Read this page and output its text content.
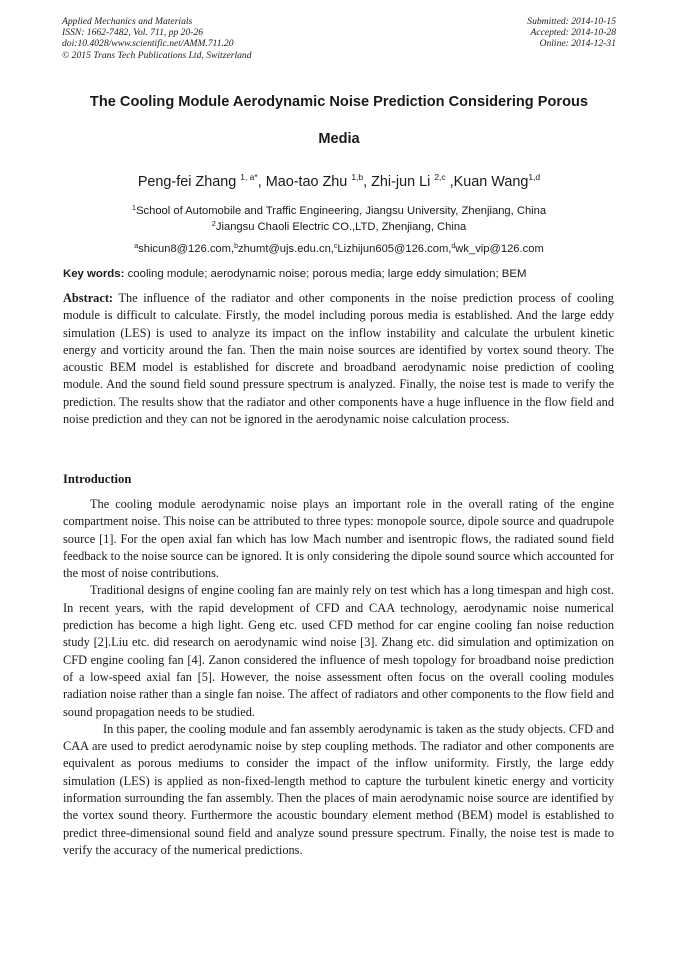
Applied Mechanics and Materials
ISSN: 1662-7482, Vol. 711, pp 20-26
doi:10.4028/www.scientific.net/AMM.711.20
© 2015 Trans Tech Publications Ltd, Switzerland
Submitted: 2014-10-15
Accepted: 2014-10-28
Online: 2014-12-31
The Cooling Module Aerodynamic Noise Prediction Considering Porous
Media
Peng-fei Zhang $^{1, a*}$, Mao-tao Zhu $^{1,b}$, Zhi-jun Li $^{2,c}$ ,Kuan Wang$^{1,d}$
$^1$School of Automobile and Traffic Engineering, Jiangsu University, Zhenjiang, China
$^2$Jiangsu Chaoli Electric CO.,LTD, Zhenjiang, China
$^a$shicun8@126.com,$^b$zhumt@ujs.edu.cn,$^c$Lizhijun605@126.com,$^d$wk_vip@126.com
Key words: cooling module; aerodynamic noise; porous media; large eddy simulation; BEM
Abstract: The influence of the radiator and other components in the noise prediction process of cooling module is difficult to calculate. Firstly, the model including porous media is established. And the large eddy simulation (LES) is used to analyze its impact on the inflow instability and calculate the urbulent kinetic energy and vorticity around the fan. Then the main noise sources are identified by vortex sound theory. The acoustic BEM model is established for discrete and broadband aerodynamic noise prediction of cooling module. And the sound field sound pressure spectrum is analyzed. Finally, the noise test is made to verify the prediction. The results show that the radiator and other components have a huge influence in the flow field and noise prediction and they can not be ignored in the aerodynamic noise calculation process.
Introduction

The cooling module aerodynamic noise plays an important role in the overall rating of the engine compartment noise. This noise can be attributed to three types: monopole source, dipole source and quadrupole source [1]. For the open axial fan which has low Mach number and isentropic flows, the radiated sound field feedback to the noise source can be ignored. It is only considering the dipole sound source which accounted for the most of noise contributions.

Traditional designs of engine cooling fan are mainly rely on test which has a long timespan and high cost. In recent years, with the rapid development of CFD and CAA technology, aerodynamic noise numerical prediction has become a high light. Geng etc. used CFD method for car engine cooling fan noise reduction study [2].Liu etc. did research on aerodynamic wind noise [3]. Zhang etc. did simulation and optimization on CFD engine cooling fan [4]. Zanon considered the influence of mesh topology for broadband noise prediction of a low-speed axial fan [5]. However, the noise assessment often focus on the overall cooling modules radiation noise rather than a single fan noise. The affect of radiators and other components to the flow field and sound propagation needs to be studied.

In this paper, the cooling module and fan assembly aerodynamic is taken as the study objects. CFD and CAA are used to predict aerodynamic noise by step coupling methods. The radiator and other components are equivalent as porous mediums to consider the impact of the inflow uniformity. Firstly, the large eddy simulation (LES) is applied as non-fixed-length method to capture the turbulent kinetic energy and vorticity information surrounding the fan assembly. Then the places of main aerodynamic noise source are identified by the vortex sound theory. Furthermore the acoustic boundary element method (BEM) model is established to predict three-dimensional sound field and analyze sound pressure spectrum. Finally, the noise test is made to verify the accuracy of the numerical predictions.
